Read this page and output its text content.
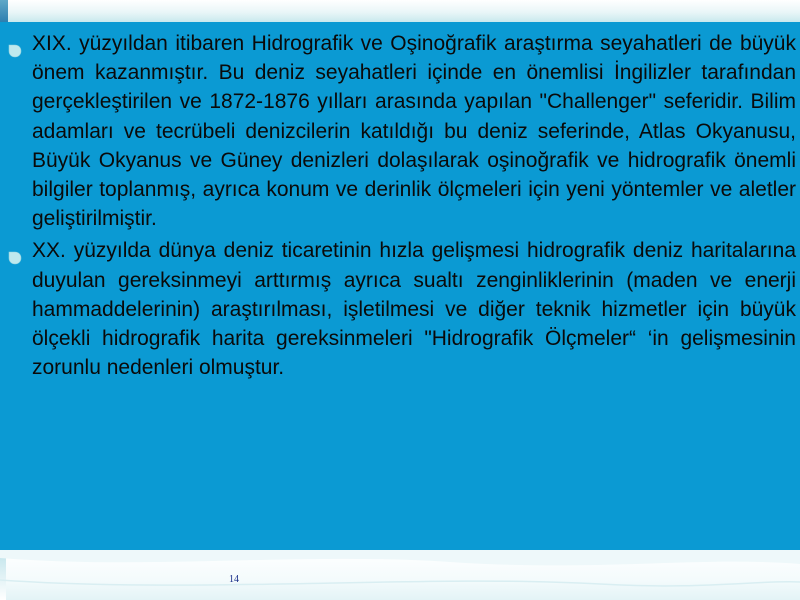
XIX. yüzyıldan itibaren Hidrografik ve Oşinoğrafik araştırma seyahatleri de büyük önem kazanmıştır. Bu deniz seyahatleri içinde en önemlisi İngilizler tarafından gerçekleştirilen ve 1872-1876 yılları arasında yapılan "Challenger" seferidir. Bilim adamları ve tecrübeli denizcilerin katıldığı bu deniz seferinde, Atlas Okyanusu, Büyük Okyanus ve Güney denizleri dolaşılarak oşinoğrafik ve hidrografik önemli bilgiler toplanmış, ayrıca konum ve derinlik ölçmeleri için yeni yöntemler ve aletler geliştirilmiştir.
XX. yüzyılda dünya deniz ticaretinin hızla gelişmesi hidrografik deniz haritalarına duyulan gereksinmeyi arttırmış ayrıca sualtı zenginliklerinin (maden ve enerji hammaddelerinin) araştırılması, işletilmesi ve diğer teknik hizmetler için büyük ölçekli hidrografik harita gereksinmeleri "Hidrografik Ölçmeler“ ‘in gelişmesinin zorunlu nedenleri olmuştur.
14
